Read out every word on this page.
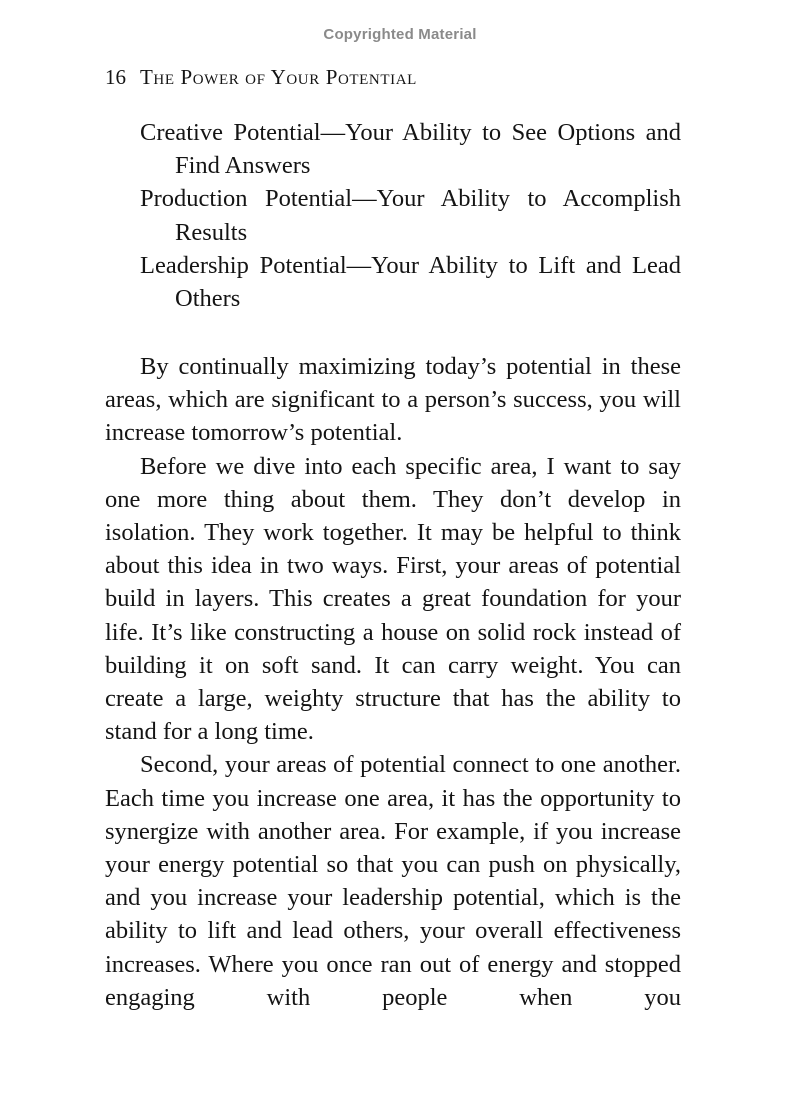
Copyrighted Material
16 The Power of Your Potential
Creative Potential—Your Ability to See Options and Find Answers
Production Potential—Your Ability to Accomplish Results
Leadership Potential—Your Ability to Lift and Lead Others

By continually maximizing today’s potential in these areas, which are significant to a person’s success, you will increase tomorrow’s potential.

Before we dive into each specific area, I want to say one more thing about them. They don’t develop in isolation. They work together. It may be helpful to think about this idea in two ways. First, your areas of potential build in layers. This creates a great foundation for your life. It’s like constructing a house on solid rock instead of building it on soft sand. It can carry weight. You can create a large, weighty structure that has the ability to stand for a long time.

Second, your areas of potential connect to one another. Each time you increase one area, it has the opportunity to synergize with another area. For example, if you increase your energy potential so that you can push on physically, and you increase your leadership potential, which is the ability to lift and lead others, your overall effectiveness increases. Where you once ran out of energy and stopped engaging with people when you
